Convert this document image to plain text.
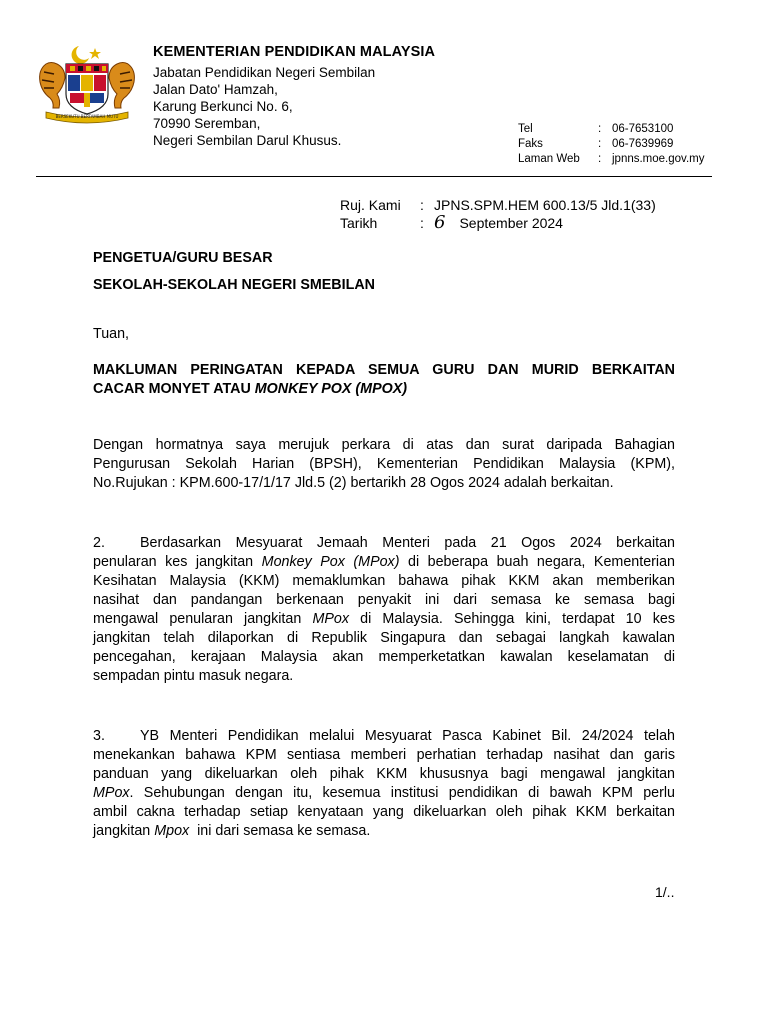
BERSEKUTU BERTAMBAH MUTU
KEMENTERIAN PENDIDIKAN MALAYSIA
Jabatan Pendidikan Negeri Sembilan
Jalan Dato' Hamzah,
Karung Berkunci No. 6,
70990 Seremban,
Negeri Sembilan Darul Khusus.
Tel	: 06-7653100
Faks	: 06-7639969
Laman Web	: jpnns.moe.gov.my
Ruj. Kami	: JPNS.SPM.HEM 600.13/5 Jld.1(33)
Tarikh	: 6 September 2024
PENGETUA/GURU BESAR
SEKOLAH-SEKOLAH NEGERI SMEBILAN
Tuan,
MAKLUMAN PERINGATAN KEPADA SEMUA GURU DAN MURID BERKAITAN
CACAR MONYET ATAU MONKEY POX (MPOX)
Dengan hormatnya saya merujuk perkara di atas dan surat daripada Bahagian
Pengurusan Sekolah Harian (BPSH), Kementerian Pendidikan Malaysia (KPM),
No.Rujukan : KPM.600-17/1/17 Jld.5 (2) bertarikh 28 Ogos 2024 adalah berkaitan.
2. Berdasarkan Mesyuarat Jemaah Menteri pada 21 Ogos 2024 berkaitan
penularan kes jangkitan Monkey Pox (MPox) di beberapa buah negara, Kementerian
Kesihatan Malaysia (KKM) memaklumkan bahawa pihak KKM akan memberikan
nasihat dan pandangan berkenaan penyakit ini dari semasa ke semasa bagi
mengawal penularan jangkitan MPox di Malaysia. Sehingga kini, terdapat 10 kes
jangkitan telah dilaporkan di Republik Singapura dan sebagai langkah kawalan
pencegahan, kerajaan Malaysia akan memperketatkan kawalan keselamatan di
sempadan pintu masuk negara.
3. YB Menteri Pendidikan melalui Mesyuarat Pasca Kabinet Bil. 24/2024 telah
menekankan bahawa KPM sentiasa memberi perhatian terhadap nasihat dan garis
panduan yang dikeluarkan oleh pihak KKM khususnya bagi mengawal jangkitan
MPox. Sehubungan dengan itu, kesemua institusi pendidikan di bawah KPM perlu
ambil cakna terhadap setiap kenyataan yang dikeluarkan oleh pihak KKM berkaitan
jangkitan Mpox  ini dari semasa ke semasa.
1/..
